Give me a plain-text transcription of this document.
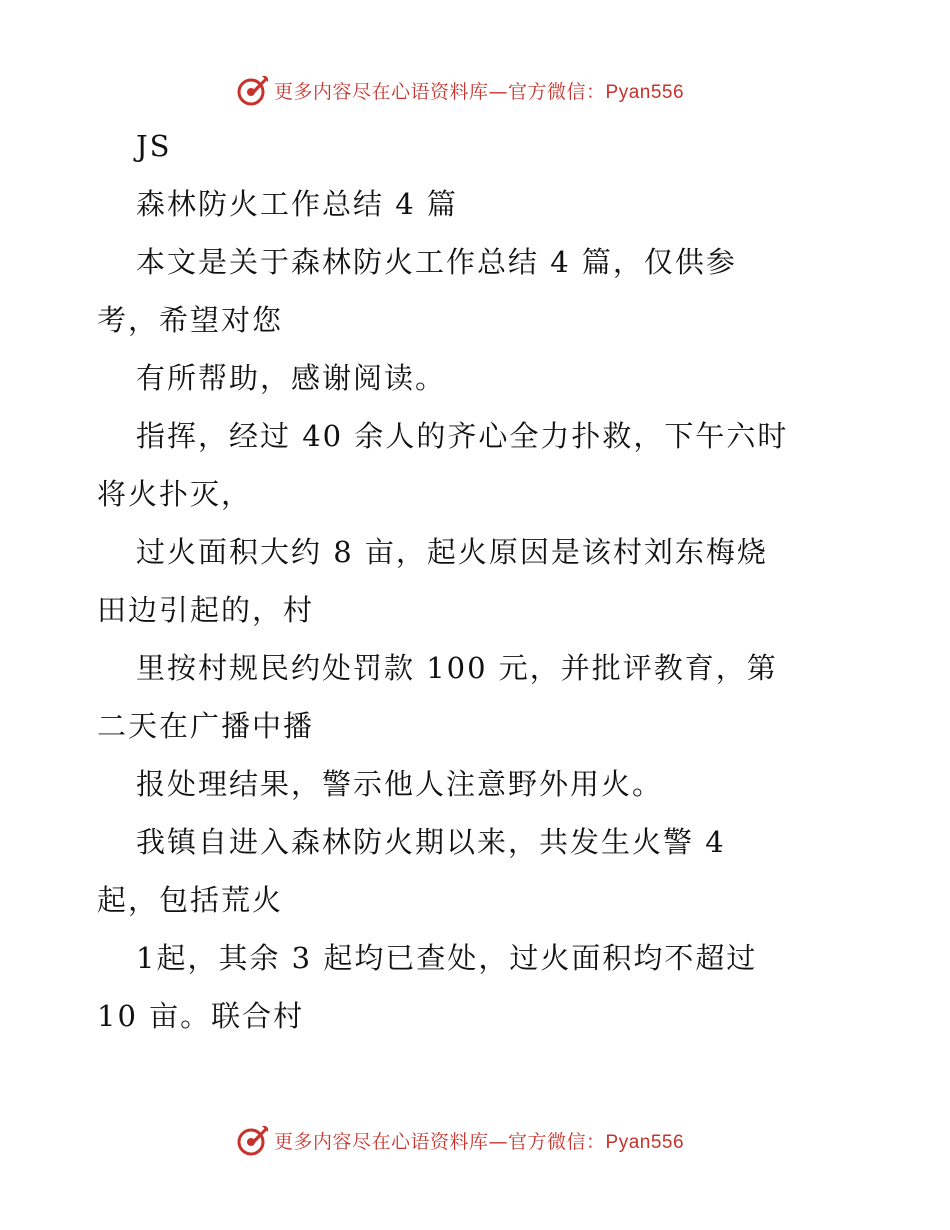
更多内容尽在心语资料库—官方微信：Pyan556
JS
森林防火工作总结 4 篇
本文是关于森林防火工作总结 4 篇，仅供参
考，希望对您
有所帮助，感谢阅读。
指挥，经过 40 余人的齐心全力扑救，下午六时
将火扑灭，
过火面积大约 8 亩，起火原因是该村刘东梅烧
田边引起的，村
里按村规民约处罚款 100 元，并批评教育，第
二天在广播中播
报处理结果，警示他人注意野外用火。
我镇自进入森林防火期以来，共发生火警 4
起，包括荒火
1起，其余 3 起均已查处，过火面积均不超过
10 亩。联合村
更多内容尽在心语资料库—官方微信：Pyan556
